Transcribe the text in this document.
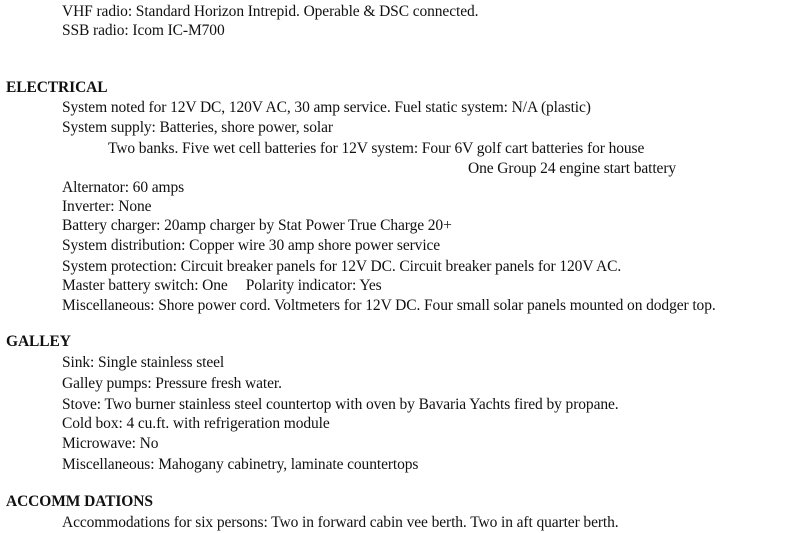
VHF radio: Standard Horizon Intrepid. Operable & DSC connected.
SSB radio: Icom IC-M700
ELECTRICAL
System noted for 12V DC, 120V AC, 30 amp service. Fuel static system: N/A (plastic)
System supply: Batteries, shore power, solar
Two banks. Five wet cell batteries for 12V system: Four 6V golf cart batteries for house
One Group 24 engine start battery
Alternator: 60 amps
Inverter: None
Battery charger: 20amp charger by Stat Power True Charge 20+
System distribution: Copper wire 30 amp shore power service
System protection: Circuit breaker panels for 12V DC. Circuit breaker panels for 120V AC.
Master battery switch: One Polarity indicator: Yes
Miscellaneous: Shore power cord. Voltmeters for 12V DC. Four small solar panels mounted on dodger top.
GALLEY
Sink: Single stainless steel
Galley pumps: Pressure fresh water.
Stove: Two burner stainless steel countertop with oven by Bavaria Yachts fired by propane.
Cold box: 4 cu.ft. with refrigeration module
Microwave: No
Miscellaneous: Mahogany cabinetry, laminate countertops
ACCOMM DATIONS
Accommodations for six persons: Two in forward cabin vee berth. Two in aft quarter berth.
